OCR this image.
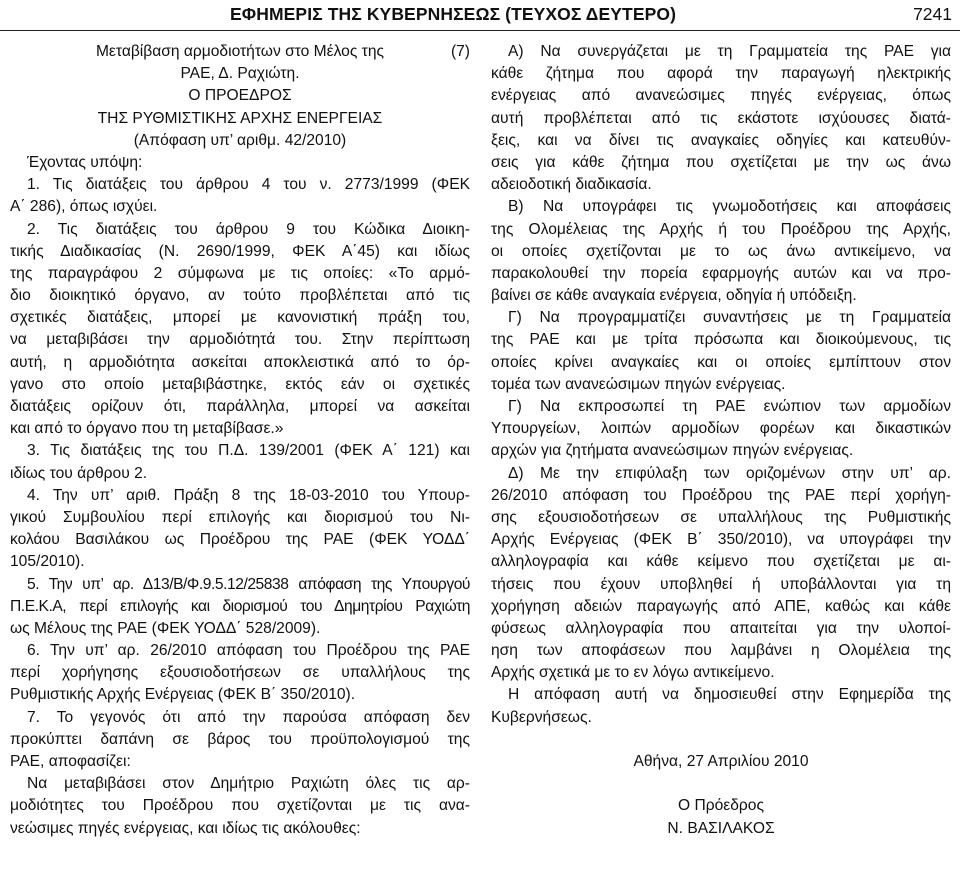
ΕΦΗΜΕΡΙΣ ΤΗΣ ΚΥΒΕΡΝΗΣΕΩΣ (ΤΕΥΧΟΣ ΔΕΥΤΕΡΟ)	7241
(7)
Μεταβίβαση αρμοδιοτήτων στο Μέλος της
ΡΑΕ, Δ. Ραχιώτη.
Ο ΠΡΟΕΔΡΟΣ
ΤΗΣ ΡΥΘΜΙΣΤΙΚΗΣ ΑΡΧΗΣ ΕΝΕΡΓΕΙΑΣ
(Απόφαση υπ’ αριθμ. 42/2010)
Έχοντας υπόψη:
1. Τις διατάξεις του άρθρου 4 του ν. 2773/1999 (ΦΕΚ
Α΄ 286), όπως ισχύει.
2. Τις διατάξεις του άρθρου 9 του Κώδικα Διοικη-
τικής Διαδικασίας (Ν. 2690/1999, ΦΕΚ Α΄45) και ιδίως
της παραγράφου 2 σύμφωνα με τις οποίες: «Το αρμό-
διο διοικητικό όργανο, αν τούτο προβλέπεται από τις
σχετικές διατάξεις, μπορεί με κανονιστική πράξη του,
να μεταβιβάσει την αρμοδιότητά του. Στην περίπτωση
αυτή, η αρμοδιότητα ασκείται αποκλειστικά από το όρ-
γανο στο οποίο μεταβιβάστηκε, εκτός εάν οι σχετικές
διατάξεις ορίζουν ότι, παράλληλα, μπορεί να ασκείται
και από το όργανο που τη μεταβίβασε.»
3. Τις διατάξεις της του Π.Δ. 139/2001 (ΦΕΚ Α΄ 121) και
ιδίως του άρθρου 2.
4. Την υπ’ αριθ. Πράξη 8 της 18-03-2010 του Υπουρ-
γικού Συμβουλίου περί επιλογής και διορισμού του Νι-
κολάου Βασιλάκου ως Προέδρου της ΡΑΕ (ΦΕΚ ΥΟΔΔ΄
105/2010).
5. Την υπ’ αρ. Δ13/Β/Φ.9.5.12/25838 απόφαση της Υπουργού
Π.Ε.Κ.Α, περί επιλογής και διορισμού του Δημητρίου Ραχιώτη
ως Μέλους της ΡΑΕ (ΦΕΚ ΥΟΔΔ΄ 528/2009).
6. Την υπ’ αρ. 26/2010 απόφαση του Προέδρου της ΡΑΕ
περί χορήγησης εξουσιοδοτήσεων σε υπαλλήλους της
Ρυθμιστικής Αρχής Ενέργειας (ΦΕΚ Β΄ 350/2010).
7. Το γεγονός ότι από την παρούσα απόφαση δεν
προκύπτει δαπάνη σε βάρος του προϋπολογισμού της
ΡΑΕ, αποφασίζει:
Να μεταβιβάσει στον Δημήτριο Ραχιώτη όλες τις αρ-
μοδιότητες του Προέδρου που σχετίζονται με τις ανα-
νεώσιμες πηγές ενέργειας, και ιδίως τις ακόλουθες:
Α) Να συνεργάζεται με τη Γραμματεία της ΡΑΕ για
κάθε ζήτημα που αφορά την παραγωγή ηλεκτρικής
ενέργειας από ανανεώσιμες πηγές ενέργειας, όπως
αυτή προβλέπεται από τις εκάστοτε ισχύουσες διατά-
ξεις, και να δίνει τις αναγκαίες οδηγίες και κατευθύν-
σεις για κάθε ζήτημα που σχετίζεται με την ως άνω
αδειοδοτική διαδικασία.
Β) Να υπογράφει τις γνωμοδοτήσεις και αποφάσεις
της Ολομέλειας της Αρχής ή του Προέδρου της Αρχής,
οι οποίες σχετίζονται με το ως άνω αντικείμενο, να
παρακολουθεί την πορεία εφαρμογής αυτών και να προ-
βαίνει σε κάθε αναγκαία ενέργεια, οδηγία ή υπόδειξη.
Γ) Να προγραμματίζει συναντήσεις με τη Γραμματεία
της ΡΑΕ και με τρίτα πρόσωπα και διοικούμενους, τις
οποίες κρίνει αναγκαίες και οι οποίες εμπίπτουν στον
τομέα των ανανεώσιμων πηγών ενέργειας.
Γ) Να εκπροσωπεί τη ΡΑΕ ενώπιον των αρμοδίων
Υπουργείων, λοιπών αρμοδίων φορέων και δικαστικών
αρχών για ζητήματα ανανεώσιμων πηγών ενέργειας.
Δ) Με την επιφύλαξη των οριζομένων στην υπ’ αρ.
26/2010 απόφαση του Προέδρου της ΡΑΕ περί χορήγη-
σης εξουσιοδοτήσεων σε υπαλλήλους της Ρυθμιστικής
Αρχής Ενέργειας (ΦΕΚ Β΄ 350/2010), να υπογράφει την
αλληλογραφία και κάθε κείμενο που σχετίζεται με αι-
τήσεις που έχουν υποβληθεί ή υποβάλλονται για τη
χορήγηση αδειών παραγωγής από ΑΠΕ, καθώς και κάθε
φύσεως αλληλογραφία που απαιτείται για την υλοποί-
ηση των αποφάσεων που λαμβάνει η Ολομέλεια της
Αρχής σχετικά με το εν λόγω αντικείμενο.
Η απόφαση αυτή να δημοσιευθεί στην Εφημερίδα της
Κυβερνήσεως.
Αθήνα, 27 Απριλίου 2010
Ο Πρόεδρος
Ν. ΒΑΣΙΛΑΚΟΣ
